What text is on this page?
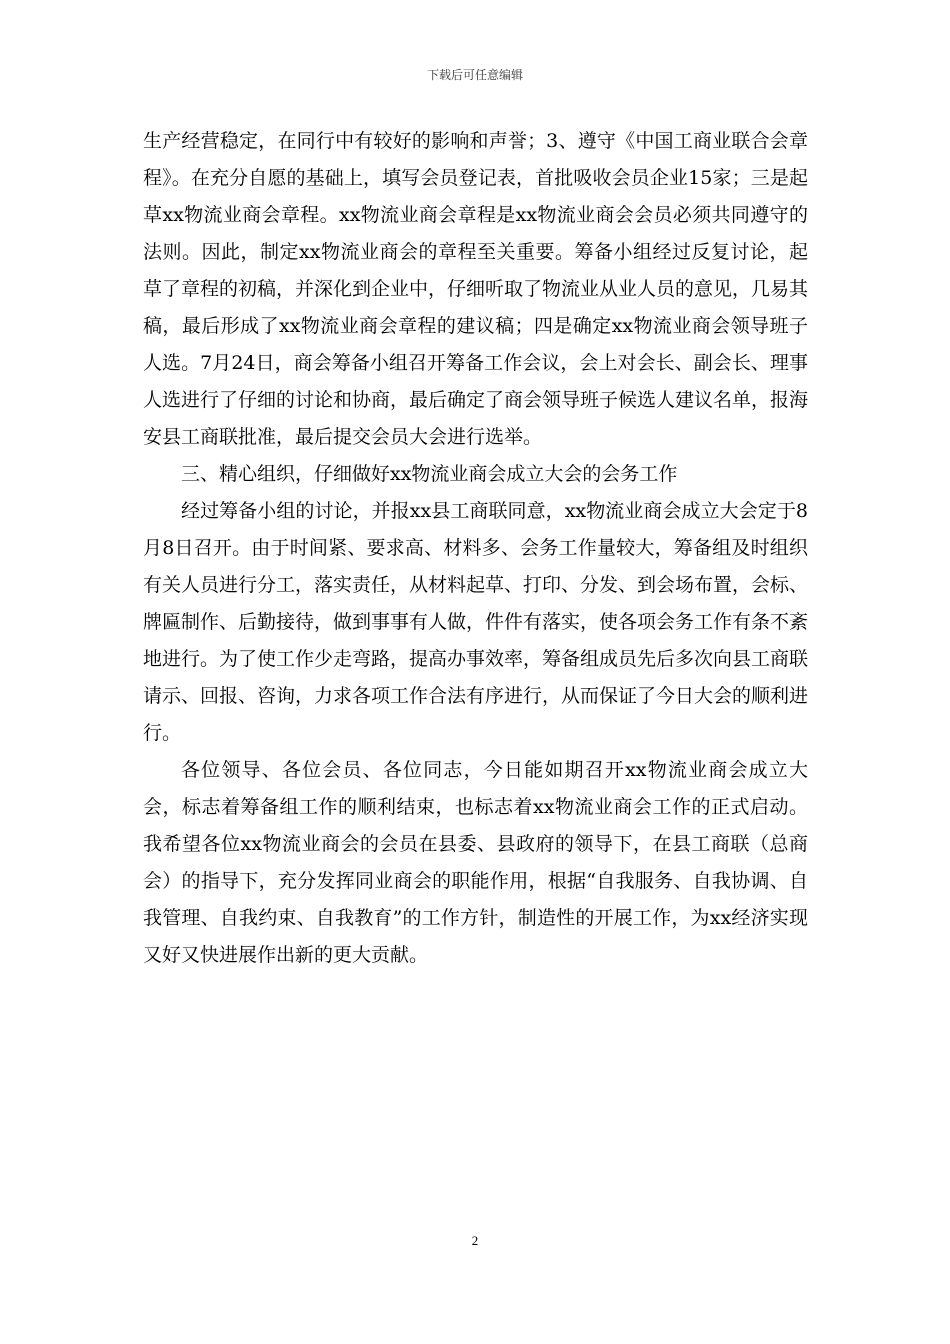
下载后可任意编辑

生产经营稳定，在同行中有较好的影响和声誉；3、遵守《中国工商业联合会章程》。在充分自愿的基础上，填写会员登记表，首批吸收会员企业15家；三是起草xx物流业商会章程。xx物流业商会章程是xx物流业商会会员必须共同遵守的法则。因此，制定xx物流业商会的章程至关重要。筹备小组经过反复讨论，起草了章程的初稿，并深化到企业中，仔细听取了物流业从业人员的意见，几易其稿，最后形成了xx物流业商会章程的建议稿；四是确定xx物流业商会领导班子人选。7月24日，商会筹备小组召开筹备工作会议，会上对会长、副会长、理事人选进行了仔细的讨论和协商，最后确定了商会领导班子候选人建议名单，报海安县工商联批准，最后提交会员大会进行选举。

三、精心组织，仔细做好xx物流业商会成立大会的会务工作

经过筹备小组的讨论，并报xx县工商联同意，xx物流业商会成立大会定于8月8日召开。由于时间紧、要求高、材料多、会务工作量较大，筹备组及时组织有关人员进行分工，落实责任，从材料起草、打印、分发、到会场布置，会标、牌匾制作、后勤接待，做到事事有人做，件件有落实，使各项会务工作有条不紊地进行。为了使工作少走弯路，提高办事效率，筹备组成员先后多次向县工商联请示、回报、咨询，力求各项工作合法有序进行，从而保证了今日大会的顺利进行。

各位领导、各位会员、各位同志，今日能如期召开xx物流业商会成立大会，标志着筹备组工作的顺利结束，也标志着xx物流业商会工作的正式启动。我希望各位xx物流业商会的会员在县委、县政府的领导下，在县工商联（总商会）的指导下，充分发挥同业商会的职能作用，根据“自我服务、自我协调、自我管理、自我约束、自我教育”的工作方针，制造性的开展工作，为xx经济实现又好又快进展作出新的更大贡献。

2
